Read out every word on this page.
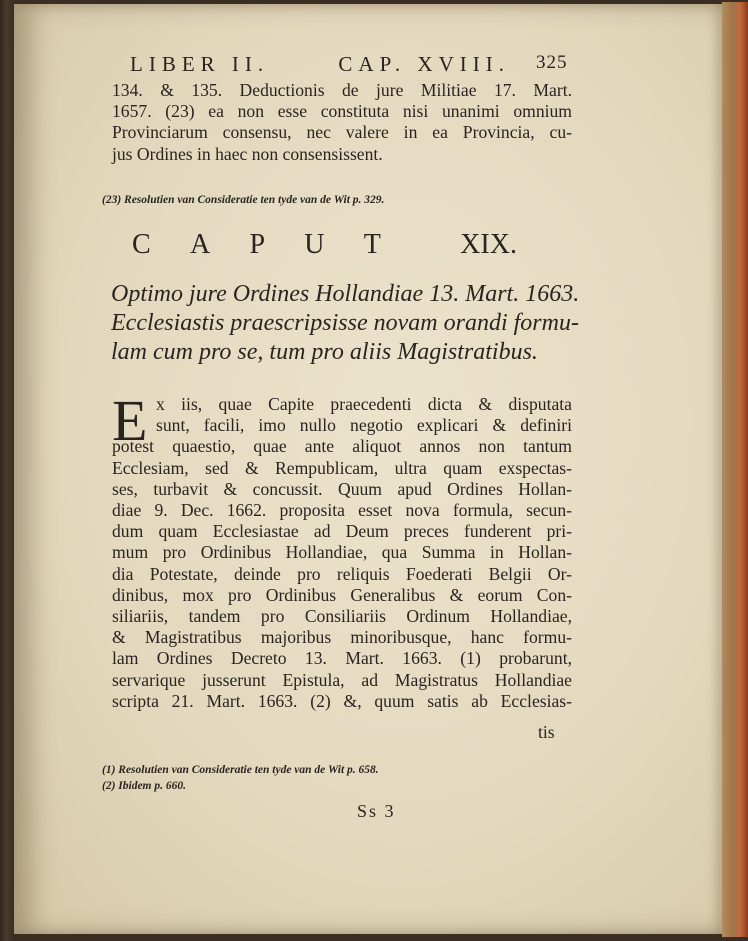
LIBER II.	CAP. XVIII. 325
134. & 135. Deductionis de jure Militiae 17. Mart.
1657. (23) ea non esse constituta nisi unanimi omnium
Provinciarum consensu, nec valere in ea Provincia, cu-
jus Ordines in haec non consensissent.
(23) Resolutien van Consideratie ten tyde van de Wit p. 329.
C A P U T	XIX.
Optimo jure Ordines Hollandiae 13. Mart. 1663.
Ecclesiastis praescripsisse novam orandi formu-
lam cum pro se, tum pro aliis Magistratibus.
E x iis, quae Capite praecedenti dicta & disputata
sunt, facili, imo nullo negotio explicari & definiri
potest quaestio, quae ante aliquot annos non tantum
Ecclesiam, sed & Rempublicam, ultra quam exspectas-
ses, turbavit & concussit. Quum apud Ordines Hollan-
diae 9. Dec. 1662. proposita esset nova formula, secun-
dum quam Ecclesiastae ad Deum preces funderent pri-
mum pro Ordinibus Hollandiae, qua Summa in Hollan-
dia Potestate, deinde pro reliquis Foederati Belgii Or-
dinibus, mox pro Ordinibus Generalibus & eorum Con-
siliariis, tandem pro Consiliariis Ordinum Hollandiae,
& Magistratibus majoribus minoribusque, hanc formu-
lam Ordines Decreto 13. Mart. 1663. (1) probarunt,
servarique jusserunt Epistula, ad Magistratus Hollandiae
scripta 21. Mart. 1663. (2) &, quum satis ab Ecclesias-
tis
(1) Resolutien van Consideratie ten tyde van de Wit p. 658.
(2) Ibidem p. 660.
Ss 3
